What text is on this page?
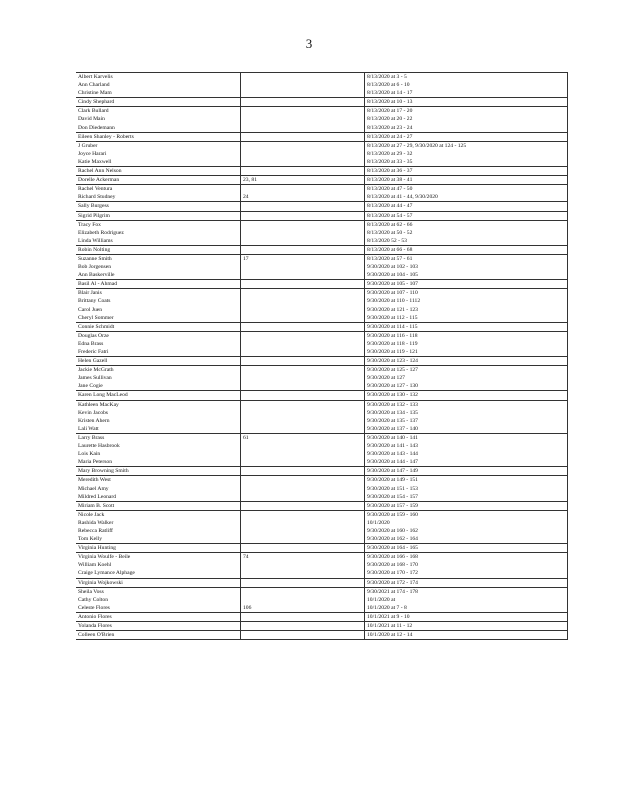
3
Albert Karvelis		8/13/2020 at 3 - 5
Ann Charland		8/13/2020 at 6 - 10
Christine Mam		8/13/2020 at 14 - 17
Cindy Shephard		8/13/2020 at 10 - 13
Clark Bullard		8/13/2020 at 17 - 20
David Main		8/13/2020 at 20 - 22
Don Diedemann		8/13/2020 at 23 - 24
Eileen Shanley - Roberts		8/13/2020 at 24 - 27
J Gruber		8/13/2020 at 27 - 29, 9/30/2020 at 124 - 125
Joyce Harari		8/13/2020 at 29 - 32
Katie Maxwell		8/13/2020 at 33 - 35
Rachel Ann Nelson		8/13/2020 at 36 - 37
Dorelle Ackerman	23, 81	8/13/2020 at 38 - 41
Rachel Ventura		8/13/2020 at 47 - 50
Richard Studney	24	8/13/2020 at 41 - 44, 9/30/2020
Sally Burgess		8/13/2020 at 44 - 47
Sigrid Pilgrim		8/13/2020 at 54 - 57
Tracy Fox		8/13/2020 at 62 - 66
Elizabeth Rodriguez		8/13/2020 at 50 - 52
Linda Williams		8/13/2020 52 - 53
Robin Nolting		8/13/2020 at 66 - 68
Suzanne Smith	17	8/13/2020 at 57 - 61
Bob Jorgensen		9/30/2020 at 102 - 103
Ann Baskerville		9/30/2020 at 104 - 105
Basil Al - Ahmad		9/30/2020 at 105 - 107
Blair Janis		9/30/2020 at 107 - 110
Brittany Coats		9/30/2020 at 110 - 1112
Carol Juen		9/30/2020 at 121 - 123
Cheryl Sommer		9/30/2020 at 112 - 115
Connie Schmidt		9/30/2020 at 114 - 115
Douglas Orze		9/30/2020 at 116 - 118
Edna Brass		9/30/2020 at 118 - 119
Frederic Fatri		9/30/2020 at 119 - 121
Helen Gazell		9/30/2020 at 123 - 124
Jackie McGrath		9/30/2020 at 125 - 127
James Sullivan		9/30/2020 at 127
Jane Cogie		9/30/2020 at 127 - 130
Karen Long MacLeod		9/30/2020 at 130 - 132
Kathleen MacKay		9/30/2020 at 132 - 133
Kevin Jacobs		9/30/2020 at 134 - 135
Kristen Ahern		9/30/2020 at 135 - 137
Lali Watt		9/30/2020 at 137 - 140
Larry Brass	61	9/30/2020 at 140 - 141
Laurette Hasbrook		9/30/2020 at 141 - 143
Lois Kain		9/30/2020 at 143 - 144
Maria Peterson		9/30/2020 at 144 - 147
Mary Browning Smith		9/30/2020 at 147 - 149
Meredith West		9/30/2020 at 149 - 151
Michael Amy		9/30/2020 at 151 - 153
Mildred Leonard		9/30/2020 at 154 - 157
Miriam B. Scott		9/30/2020 at 157 - 159
Nicole Jack		9/30/2020 at 159 - 160
Rashida Walker		10/1/2020
Rebecca Ratliff		9/30/2020 at 160 - 162
Tom Kelly		9/30/2020 at 162 - 164
Virginia Hunting		9/30/2020 at 164 - 165
Virginia Woulfe - Beile	74	9/30/2020 at 166 - 168
William Koehl		9/30/2020 at 168 - 170
Craige Lymance Alphage		9/30/2020 at 170 - 172
Virginia Wojkowski		9/30/2020 at 172 - 174
Sheila Voss		9/30/2021 at 174 - 178
Cathy Colton		10/1/2020 at
Celeste Flores	106	10/1/2020 at 7 - 8
Antonio Flores		10/1/2021 at 9 - 10
Yolanda Flores		10/1/2021 at 11 - 12
Colleen O'Brien		10/1/2020 at 12 - 14
